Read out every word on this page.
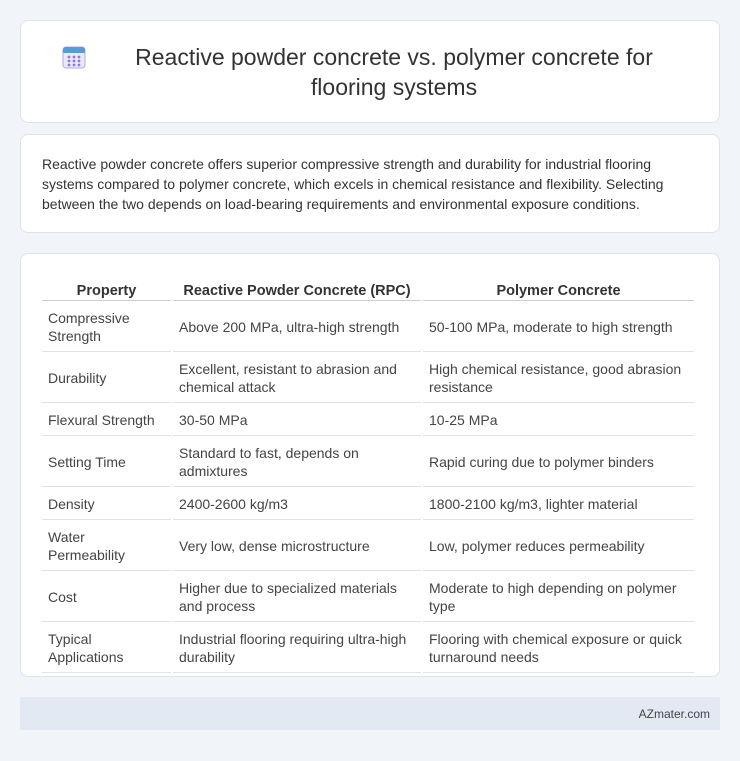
Reactive powder concrete vs. polymer concrete for flooring systems

Reactive powder concrete offers superior compressive strength and durability for industrial flooring systems compared to polymer concrete, which excels in chemical resistance and flexibility. Selecting between the two depends on load-bearing requirements and environmental exposure conditions.

Property	Reactive Powder Concrete (RPC)	Polymer Concrete
Compressive Strength	Above 200 MPa, ultra-high strength	50-100 MPa, moderate to high strength
Durability	Excellent, resistant to abrasion and chemical attack	High chemical resistance, good abrasion resistance
Flexural Strength	30-50 MPa	10-25 MPa
Setting Time	Standard to fast, depends on admixtures	Rapid curing due to polymer binders
Density	2400-2600 kg/m3	1800-2100 kg/m3, lighter material
Water Permeability	Very low, dense microstructure	Low, polymer reduces permeability
Cost	Higher due to specialized materials and process	Moderate to high depending on polymer type
Typical Applications	Industrial flooring requiring ultra-high durability	Flooring with chemical exposure or quick turnaround needs
AZmater.com
